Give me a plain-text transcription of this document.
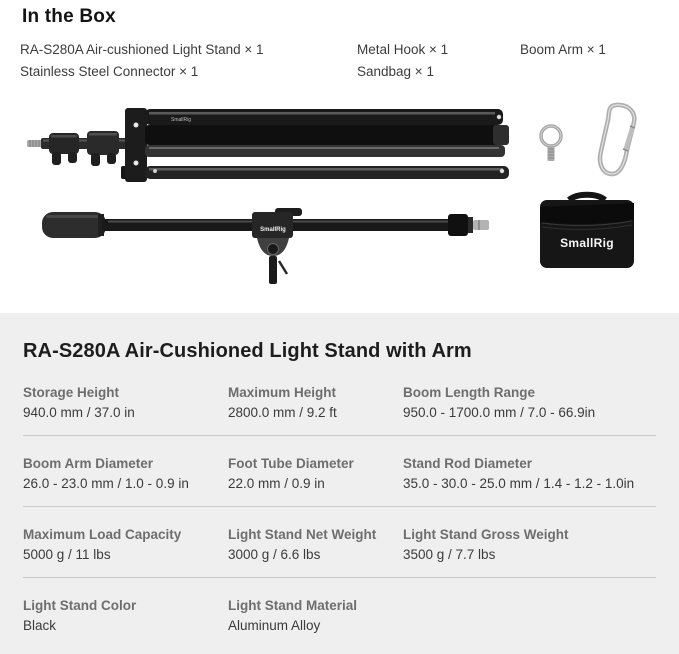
In the Box
RA-S280A Air-cushioned Light Stand × 1
Stainless Steel Connector × 1
Metal Hook × 1
Sandbag × 1
Boom Arm × 1
SmallRig
SmallRig
SmallRig
RA-S280A Air-Cushioned Light Stand with Arm
Storage Height
940.0 mm / 37.0 in
Maximum Height
2800.0 mm / 9.2 ft
Boom Length Range
950.0 - 1700.0 mm / 7.0 - 66.9in
Boom Arm Diameter
26.0 - 23.0 mm / 1.0 - 0.9 in
Foot Tube Diameter
22.0 mm / 0.9 in
Stand Rod Diameter
35.0 - 30.0 - 25.0 mm / 1.4 - 1.2 - 1.0in
Maximum Load Capacity
5000 g / 11 lbs
Light Stand Net Weight
3000 g / 6.6 lbs
Light Stand Gross Weight
3500 g / 7.7 lbs
Light Stand Color
Black
Light Stand Material
Aluminum Alloy
